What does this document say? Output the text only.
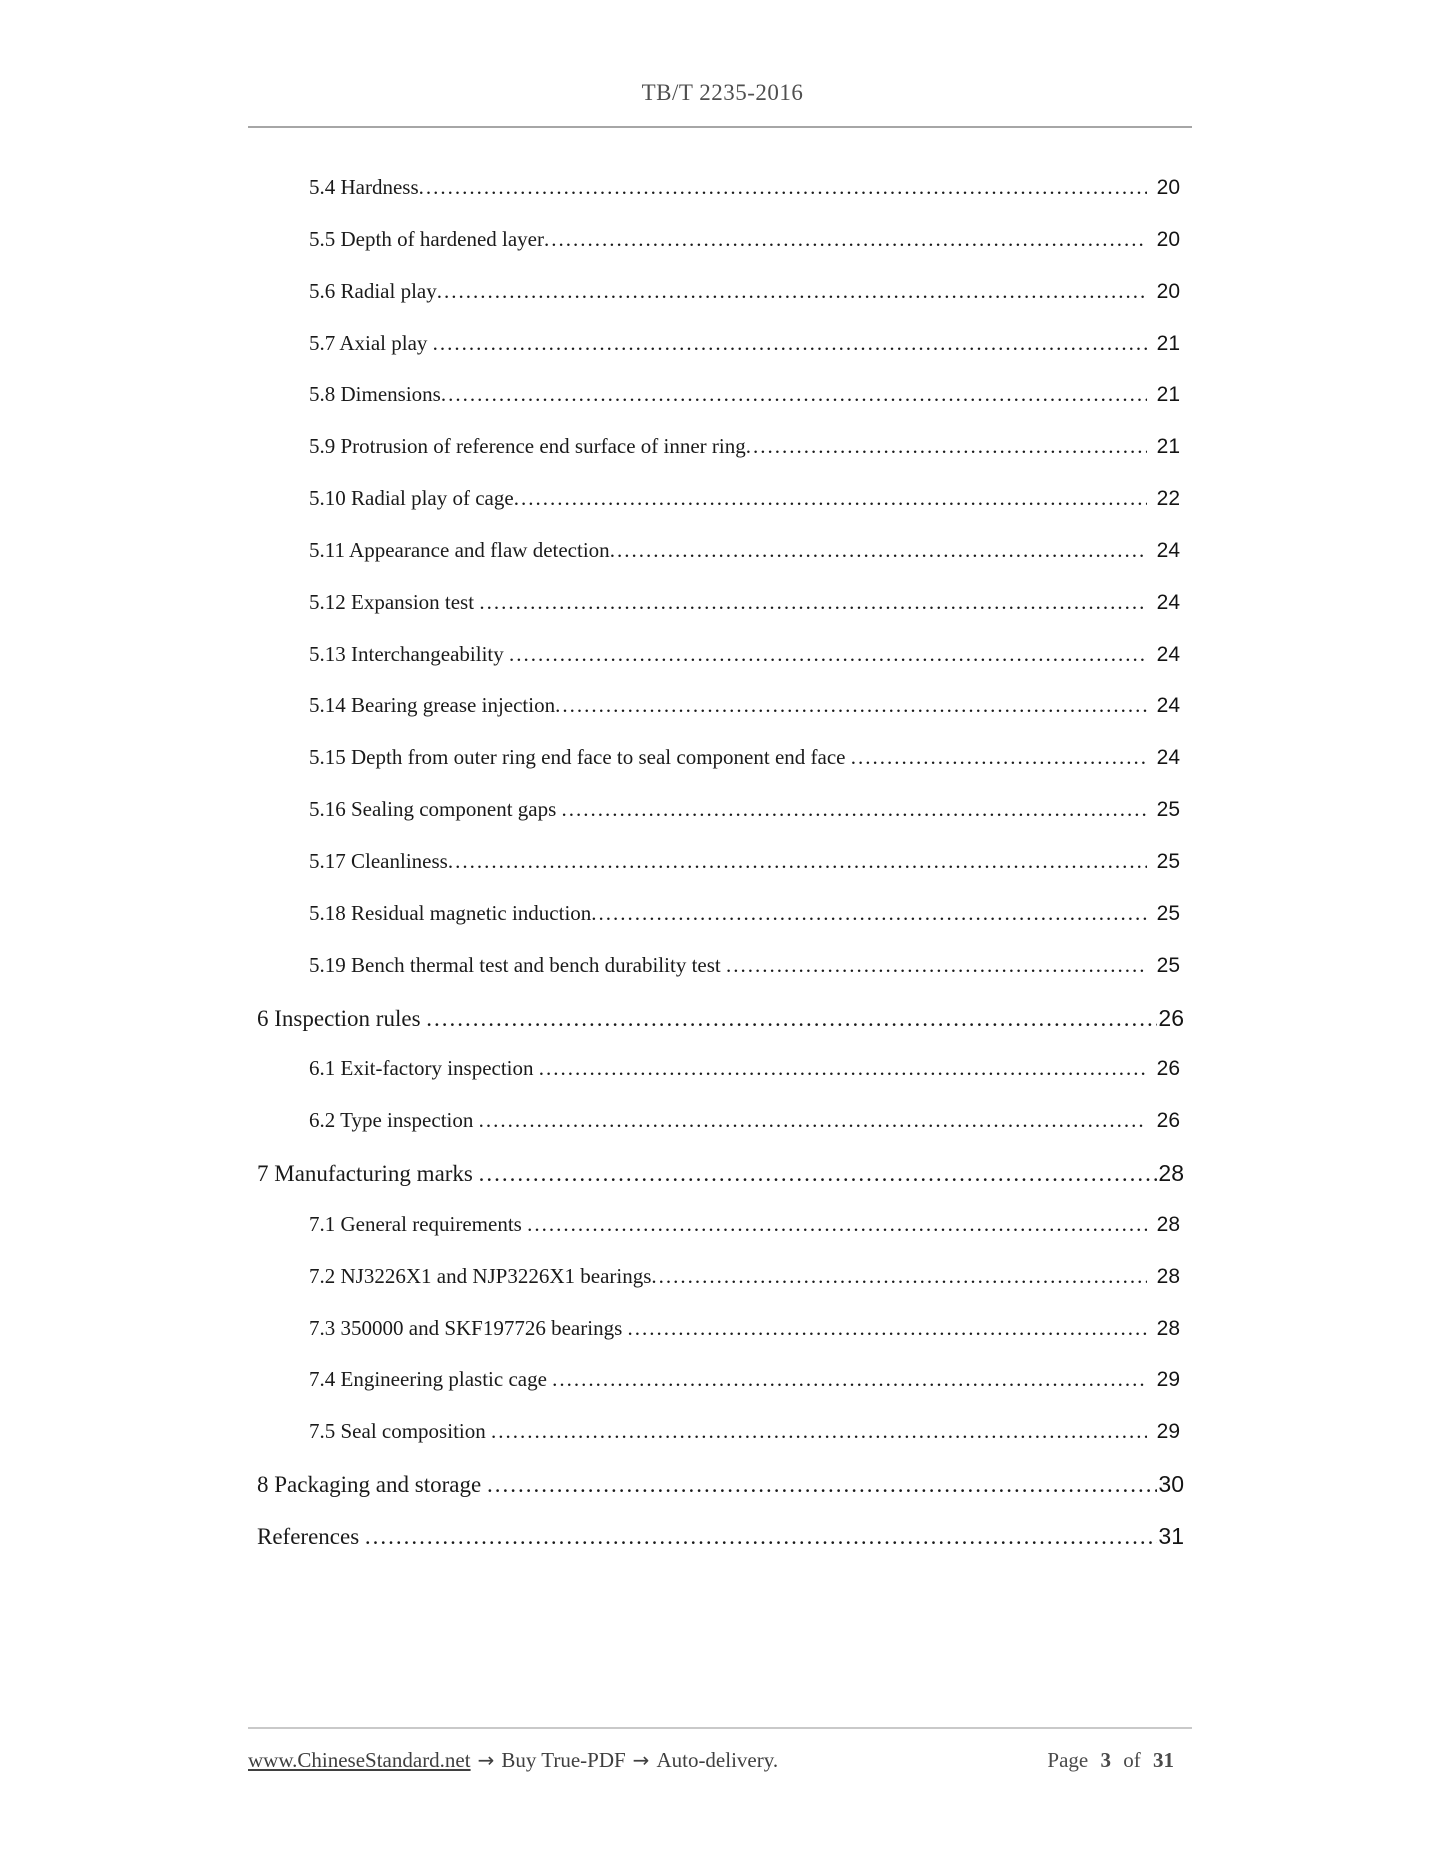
TB/T 2235-2016
5.4 Hardness .....	20
5.5 Depth of hardened layer .....	20
5.6 Radial play .....	20
5.7 Axial play .....	21
5.8 Dimensions .....	21
5.9 Protrusion of reference end surface of inner ring .....	21
5.10 Radial play of cage .....	22
5.11 Appearance and flaw detection .....	24
5.12 Expansion test .....	24
5.13 Interchangeability .....	24
5.14 Bearing grease injection .....	24
5.15 Depth from outer ring end face to seal component end face .....	24
5.16 Sealing component gaps .....	25
5.17 Cleanliness .....	25
5.18 Residual magnetic induction .....	25
5.19 Bench thermal test and bench durability test .....	25
6 Inspection rules .....	26
6.1 Exit-factory inspection .....	26
6.2 Type inspection .....	26
7 Manufacturing marks .....	28
7.1 General requirements .....	28
7.2 NJ3226X1 and NJP3226X1 bearings .....	28
7.3 350000 and SKF197726 bearings .....	28
7.4 Engineering plastic cage .....	29
7.5 Seal composition .....	29
8 Packaging and storage .....	30
References .....	31
www.ChineseStandard.net → Buy True-PDF → Auto-delivery.	Page 3 of 31
